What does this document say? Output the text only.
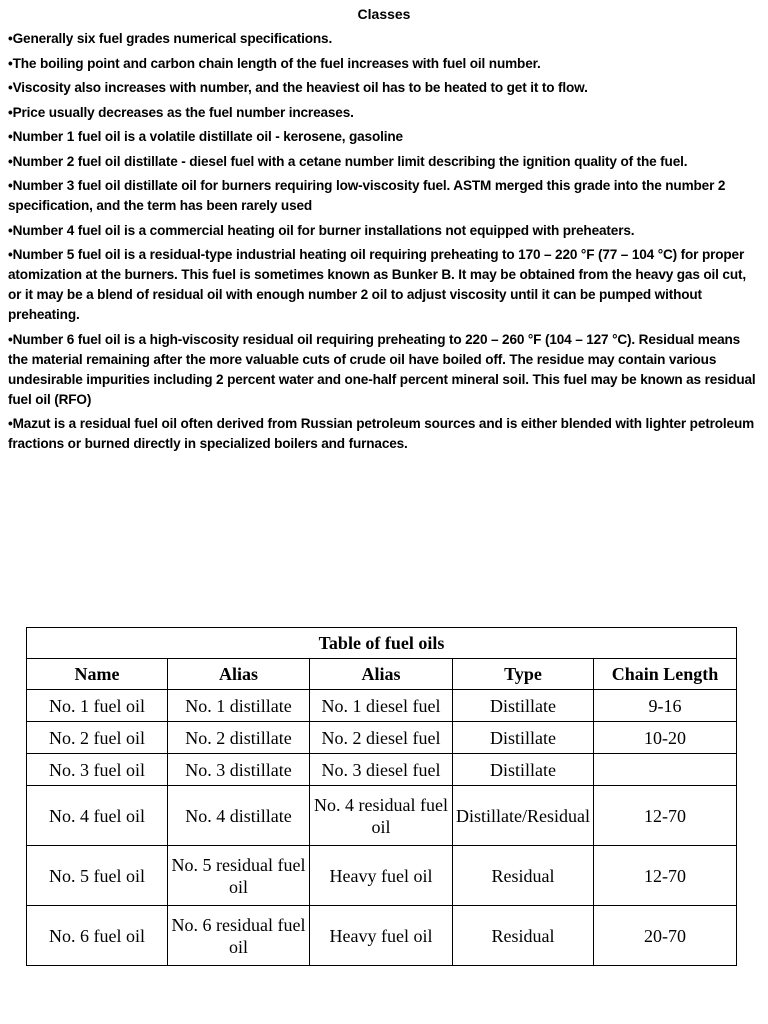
Classes
•Generally six fuel grades numerical specifications.
•The boiling point and carbon chain length of the fuel increases with fuel oil number.
•Viscosity also increases with number, and the heaviest oil has to be heated to get it to flow.
•Price usually decreases as the fuel number increases.
•Number 1 fuel oil is a volatile distillate oil - kerosene, gasoline
•Number 2 fuel oil distillate - diesel fuel with a cetane number limit describing the ignition quality of the fuel.
•Number 3 fuel oil distillate oil for burners requiring low-viscosity fuel. ASTM merged this grade into the number 2 specification, and the term has been rarely used
•Number 4 fuel oil is a commercial heating oil for burner installations not equipped with preheaters.
•Number 5 fuel oil is a residual-type industrial heating oil requiring preheating to 170 – 220 °F (77 – 104 °C) for proper atomization at the burners. This fuel is sometimes known as Bunker B. It may be obtained from the heavy gas oil cut, or it may be a blend of residual oil with enough number 2 oil to adjust viscosity until it can be pumped without preheating.
•Number 6 fuel oil is a high-viscosity residual oil requiring preheating to 220 – 260 °F (104 – 127 °C). Residual means the material remaining after the more valuable cuts of crude oil have boiled off. The residue may contain various undesirable impurities including 2 percent water and one-half percent mineral soil. This fuel may be known as residual fuel oil (RFO)
•Mazut is a residual fuel oil often derived from Russian petroleum sources and is either blended with lighter petroleum fractions or burned directly in specialized boilers and furnaces.
Table of fuel oils				
Name	Alias	Alias	Type	Chain Length
No. 1 fuel oil	No. 1 distillate	No. 1 diesel fuel	Distillate	9-16
No. 2 fuel oil	No. 2 distillate	No. 2 diesel fuel	Distillate	10-20
No. 3 fuel oil	No. 3 distillate	No. 3 diesel fuel	Distillate	
No. 4 fuel oil	No. 4 distillate	No. 4 residual fuel oil	Distillate/Residual	12-70
No. 5 fuel oil	No. 5 residual fuel oil	Heavy fuel oil	Residual	12-70
No. 6 fuel oil	No. 6 residual fuel oil	Heavy fuel oil	Residual	20-70
